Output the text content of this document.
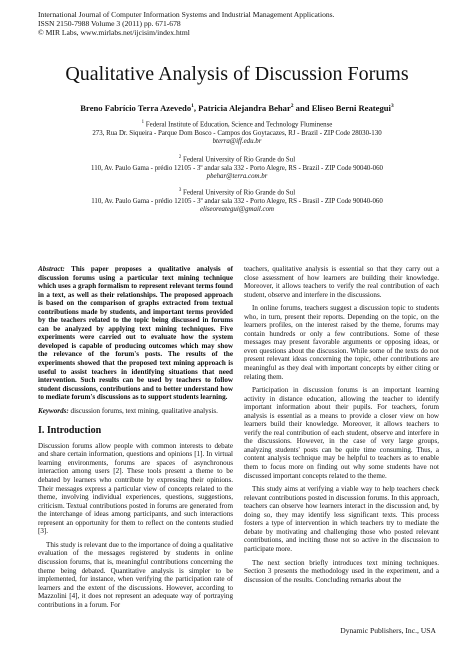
International Journal of Computer Information Systems and Industrial Management Applications.
ISSN 2150-7988 Volume 3 (2011) pp. 671-678
© MIR Labs, www.mirlabs.net/ijcisim/index.html
Qualitative Analysis of Discussion Forums
Breno Fabrício Terra Azevedo$^1$, Patricia Alejandra Behar$^2$ and Eliseo Berni Reategui$^3$
$^1$ Federal Institute of Education, Science and Technology Fluminense
273, Rua Dr. Siqueira - Parque Dom Bosco - Campos dos Goytacazes, RJ - Brazil - ZIP Code 28030-130
bterra@iff.edu.br
$^2$ Federal University of Rio Grande do Sul
110, Av. Paulo Gama - prédio 12105 - 3º andar sala 332 - Porto Alegre, RS - Brazil - ZIP Code 90040-060
pbehar@terra.com.br
$^3$ Federal University of Rio Grande do Sul
110, Av. Paulo Gama - prédio 12105 - 3º andar sala 332 - Porto Alegre, RS - Brasil - ZIP Code 90040-060
eliseoreategui@gmail.com
Abstract: This paper proposes a qualitative analysis of discussion forums using a particular text mining technique which uses a graph formalism to represent relevant terms found in a text, as well as their relationships. The proposed approach is based on the comparison of graphs extracted from textual contributions made by students, and important terms provided by the teachers related to the topic being discussed in forums can be analyzed by applying text mining techniques. Five experiments were carried out to evaluate how the system developed is capable of producing outcomes which may show the relevance of the forum's posts. The results of the experiments showed that the proposed text mining approach is useful to assist teachers in identifying situations that need intervention. Such results can be used by teachers to follow student discussions, contributions and to better understand how to mediate forum's discussions as to support students learning.
Keywords: discussion forums, text mining, qualitative analysis.
I. Introduction

Discussion forums allow people with common interests to debate and share certain information, questions and opinions [1]. In virtual learning environments, forums are spaces of asynchronous interaction among users [2]. These tools present a theme to be debated by learners who contribute by expressing their opinions. Their messages express a particular view of concepts related to the theme, involving individual experiences, questions, suggestions, criticism. Textual contributions posted in forums are generated from the interchange of ideas among participants, and such interactions represent an opportunity for them to reflect on the contents studied [3].

This study is relevant due to the importance of doing a qualitative evaluation of the messages registered by students in online discussion forums, that is, meaningful contributions concerning the theme being debated. Quantitative analysis is simpler to be implemented, for instance, when verifying the participation rate of learners and the extent of the discussions. However, according to Mazzolini [4], it does not represent an adequate way of portraying contributions in a forum. For

teachers, qualitative analysis is essential so that they carry out a close assessment of how learners are building their knowledge. Moreover, it allows teachers to verify the real contribution of each student, observe and interfere in the discussions.

In online forums, teachers suggest a discussion topic to students who, in turn, present their reports. Depending on the topic, on the learners profiles, on the interest raised by the theme, forums may contain hundreds or only a few contributions. Some of these messages may present favorable arguments or opposing ideas, or even questions about the discussion. While some of the texts do not present relevant ideas concerning the topic, other contributions are meaningful as they deal with important concepts by either citing or relating them.

Participation in discussion forums is an important learning activity in distance education, allowing the teacher to identify important information about their pupils. For teachers, forum analysis is essential as a means to provide a closer view on how learners build their knowledge. Moreover, it allows teachers to verify the real contribution of each student, observe and interfere in the discussions. However, in the case of very large groups, analyzing students' posts can be quite time consuming. Thus, a content analysis technique may be helpful to teachers as to enable them to focus more on finding out why some students have not discussed important concepts related to the theme.

This study aims at verifying a viable way to help teachers check relevant contributions posted in discussion forums. In this approach, teachers can observe how learners interact in the discussion and, by doing so, they may identify less significant texts. This process fosters a type of intervention in which teachers try to mediate the debate by motivating and challenging those who posted relevant contributions, and inciting those not so active in the discussion to participate more.

The next section briefly introduces text mining techniques. Section 3 presents the methodology used in the experiment, and a discussion of the results. Concluding remarks about the

Dynamic Publishers, Inc., USA
